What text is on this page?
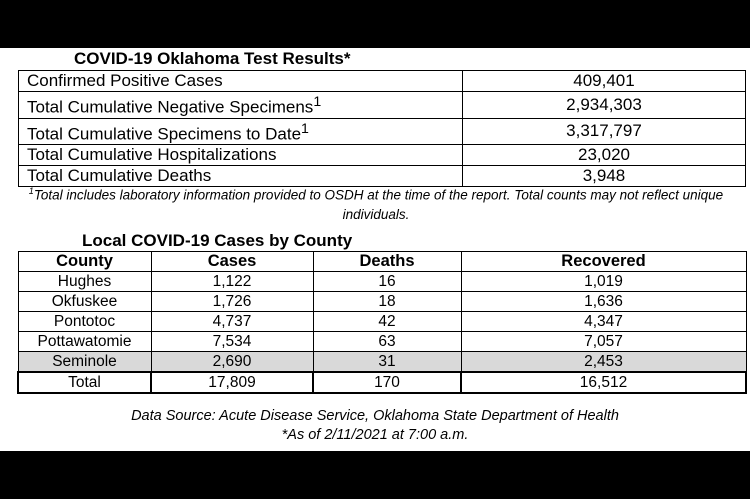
COVID-19 Oklahoma Test Results*
Confirmed Positive Cases	409,401
Total Cumulative Negative Specimens$^1$	2,934,303
Total Cumulative Specimens to Date$^1$	3,317,797
Total Cumulative Hospitalizations	23,020
Total Cumulative Deaths	3,948
$^1$Total includes laboratory information provided to OSDH at the time of the report. Total counts may not reflect unique individuals.
Local COVID-19 Cases by County
County	Cases	Deaths	Recovered
Hughes	1,122	16	1,019
Okfuskee	1,726	18	1,636
Pontotoc	4,737	42	4,347
Pottawatomie	7,534	63	7,057
Seminole	2,690	31	2,453
Total	17,809	170	16,512
Data Source: Acute Disease Service, Oklahoma State Department of Health
*As of 2/11/2021 at 7:00 a.m.
